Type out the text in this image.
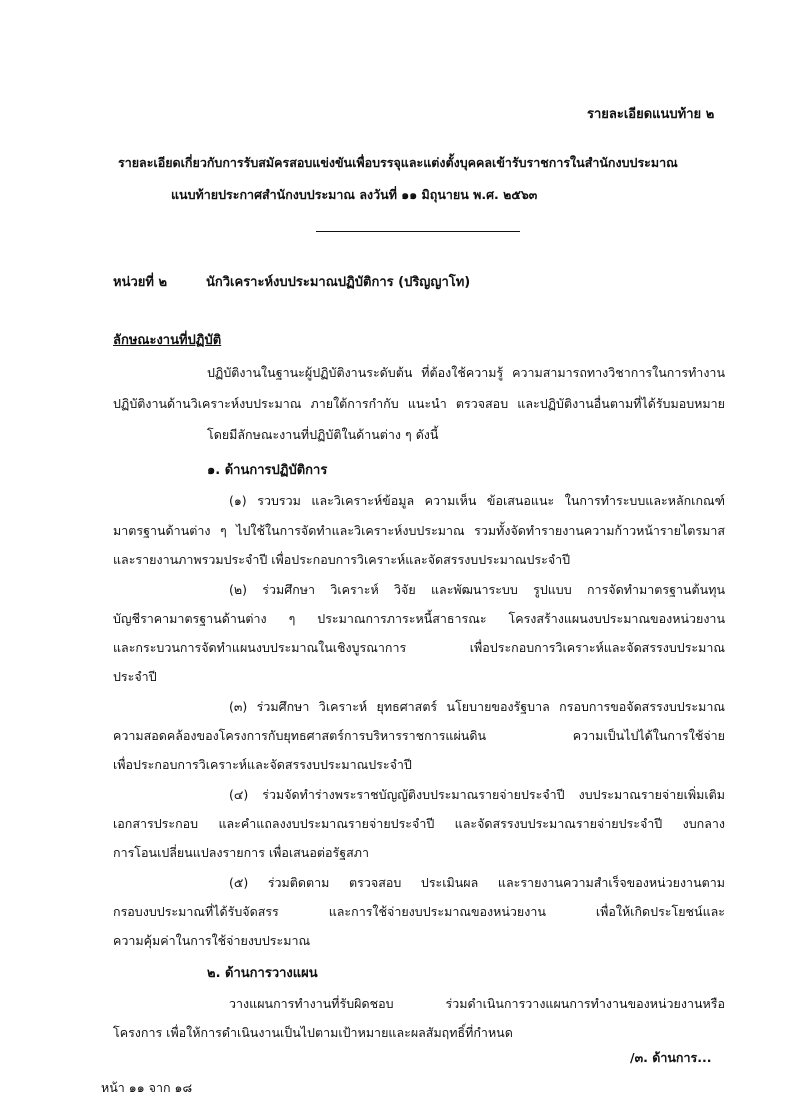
รายละเอียดแนบท้าย ๒
รายละเอียดเกี่ยวกับการรับสมัครสอบแข่งขันเพื่อบรรจุและแต่งตั้งบุคคลเข้ารับราชการในสำนักงบประมาณ
แนบท้ายประกาศสำนักงบประมาณ ลงวันที่ ๑๑ มิถุนายน พ.ศ. ๒๕๖๓
หน่วยที่ ๒	นักวิเคราะห์งบประมาณปฏิบัติการ (ปริญญาโท)
ลักษณะงานที่ปฏิบัติ
ปฏิบัติงานในฐานะผู้ปฏิบัติงานระดับต้น ที่ต้องใช้ความรู้ ความสามารถทางวิชาการในการทำงาน
ปฏิบัติงานด้านวิเคราะห์งบประมาณ ภายใต้การกำกับ แนะนำ ตรวจสอบ และปฏิบัติงานอื่นตามที่ได้รับมอบหมาย
โดยมีลักษณะงานที่ปฏิบัติในด้านต่าง ๆ ดังนี้
๑. ด้านการปฏิบัติการ
(๑) รวบรวม และวิเคราะห์ข้อมูล ความเห็น ข้อเสนอแนะ ในการทำระบบและหลักเกณฑ์
มาตรฐานด้านต่าง ๆ ไปใช้ในการจัดทำและวิเคราะห์งบประมาณ รวมทั้งจัดทำรายงานความก้าวหน้ารายไตรมาส
และรายงานภาพรวมประจำปี เพื่อประกอบการวิเคราะห์และจัดสรรงบประมาณประจำปี
(๒) ร่วมศึกษา วิเคราะห์ วิจัย และพัฒนาระบบ รูปแบบ การจัดทำมาตรฐานต้นทุน
บัญชีราคามาตรฐานด้านต่าง ๆ ประมาณการภาระหนี้สาธารณะ โครงสร้างแผนงบประมาณของหน่วยงาน
และกระบวนการจัดทำแผนงบประมาณในเชิงบูรณาการ เพื่อประกอบการวิเคราะห์และจัดสรรงบประมาณ
ประจำปี
(๓) ร่วมศึกษา วิเคราะห์ ยุทธศาสตร์ นโยบายของรัฐบาล กรอบการขอจัดสรรงบประมาณ
ความสอดคล้องของโครงการกับยุทธศาสตร์การบริหารราชการแผ่นดิน ความเป็นไปได้ในการใช้จ่าย
เพื่อประกอบการวิเคราะห์และจัดสรรงบประมาณประจำปี
(๔) ร่วมจัดทำร่างพระราชบัญญัติงบประมาณรายจ่ายประจำปี งบประมาณรายจ่ายเพิ่มเติม
เอกสารประกอบ และคำแถลงงบประมาณรายจ่ายประจำปี และจัดสรรงบประมาณรายจ่ายประจำปี งบกลาง
การโอนเปลี่ยนแปลงรายการ เพื่อเสนอต่อรัฐสภา
(๕) ร่วมติดตาม ตรวจสอบ ประเมินผล และรายงานความสำเร็จของหน่วยงานตาม
กรอบงบประมาณที่ได้รับจัดสรร และการใช้จ่ายงบประมาณของหน่วยงาน เพื่อให้เกิดประโยชน์และ
ความคุ้มค่าในการใช้จ่ายงบประมาณ
๒. ด้านการวางแผน
วางแผนการทำงานที่รับผิดชอบ ร่วมดำเนินการวางแผนการทำงานของหน่วยงานหรือ
โครงการ เพื่อให้การดำเนินงานเป็นไปตามเป้าหมายและผลสัมฤทธิ์ที่กำหนด
/๓. ด้านการ...
หน้า ๑๑ จาก ๑๘
